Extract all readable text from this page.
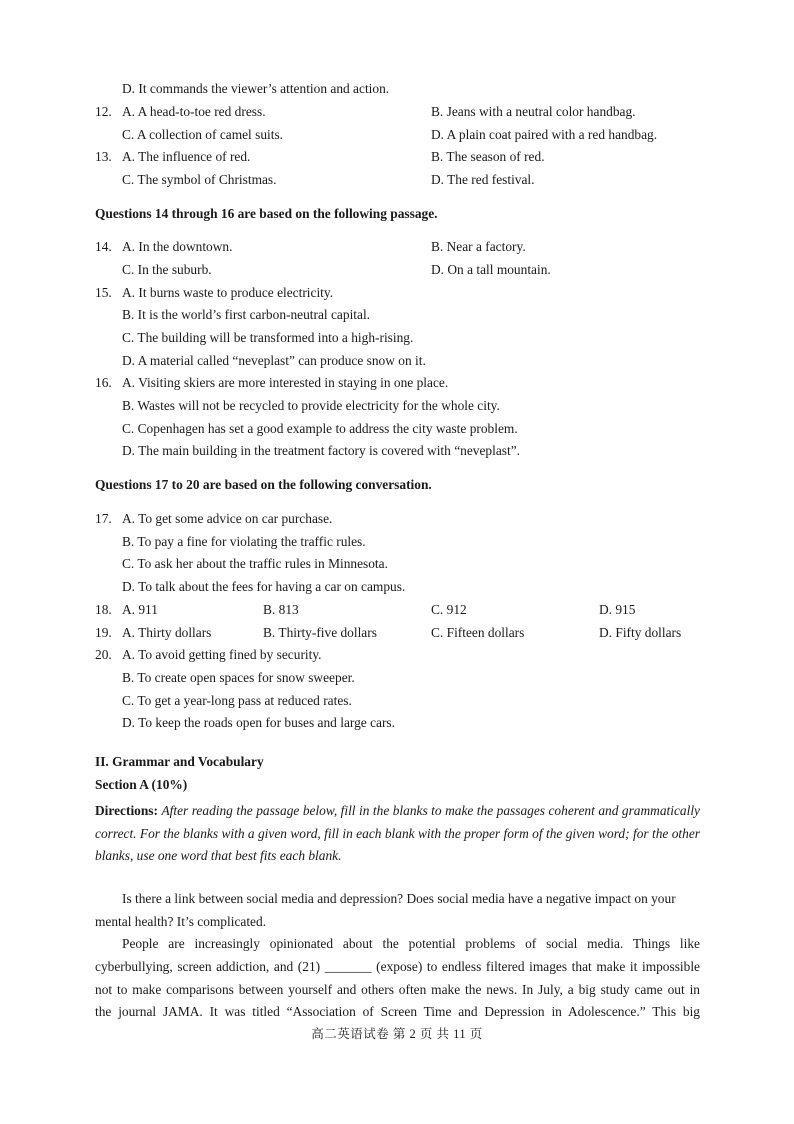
D. It commands the viewer’s attention and action.
12. A. A head-to-toe red dress.	B. Jeans with a neutral color handbag.
C. A collection of camel suits.	D. A plain coat paired with a red handbag.
13. A. The influence of red.	B. The season of red.
C. The symbol of Christmas.	D. The red festival.
Questions 14 through 16 are based on the following passage.
14. A. In the downtown.	B. Near a factory.
C. In the suburb.	D. On a tall mountain.
15. A. It burns waste to produce electricity.
B. It is the world’s first carbon-neutral capital.
C. The building will be transformed into a high-rising.
D. A material called “neveplast” can produce snow on it.
16. A. Visiting skiers are more interested in staying in one place.
B. Wastes will not be recycled to provide electricity for the whole city.
C. Copenhagen has set a good example to address the city waste problem.
D. The main building in the treatment factory is covered with “neveplast”.
Questions 17 to 20 are based on the following conversation.
17. A. To get some advice on car purchase.
B. To pay a fine for violating the traffic rules.
C. To ask her about the traffic rules in Minnesota.
D. To talk about the fees for having a car on campus.
18. A. 911	B. 813	C. 912	D. 915
19. A. Thirty dollars	B. Thirty-five dollars	C. Fifteen dollars	D. Fifty dollars
20. A. To avoid getting fined by security.
B. To create open spaces for snow sweeper.
C. To get a year-long pass at reduced rates.
D. To keep the roads open for buses and large cars.
II. Grammar and Vocabulary
Section A (10%)
Directions: After reading the passage below, fill in the blanks to make the passages coherent and grammatically correct. For the blanks with a given word, fill in each blank with the proper form of the given word; for the other blanks, use one word that best fits each blank.
Is there a link between social media and depression? Does social media have a negative impact on your
mental health? It’s complicated.
People are increasingly opinionated about the potential problems of social media. Things like
cyberbullying, screen addiction, and (21) _______ (expose) to endless filtered images that make it impossible
not to make comparisons between yourself and others often make the news. In July, a big study came out in
the journal JAMA. It was titled “Association of Screen Time and Depression in Adolescence.” This big
高二英语试卷 第 2 页 共 11 页
